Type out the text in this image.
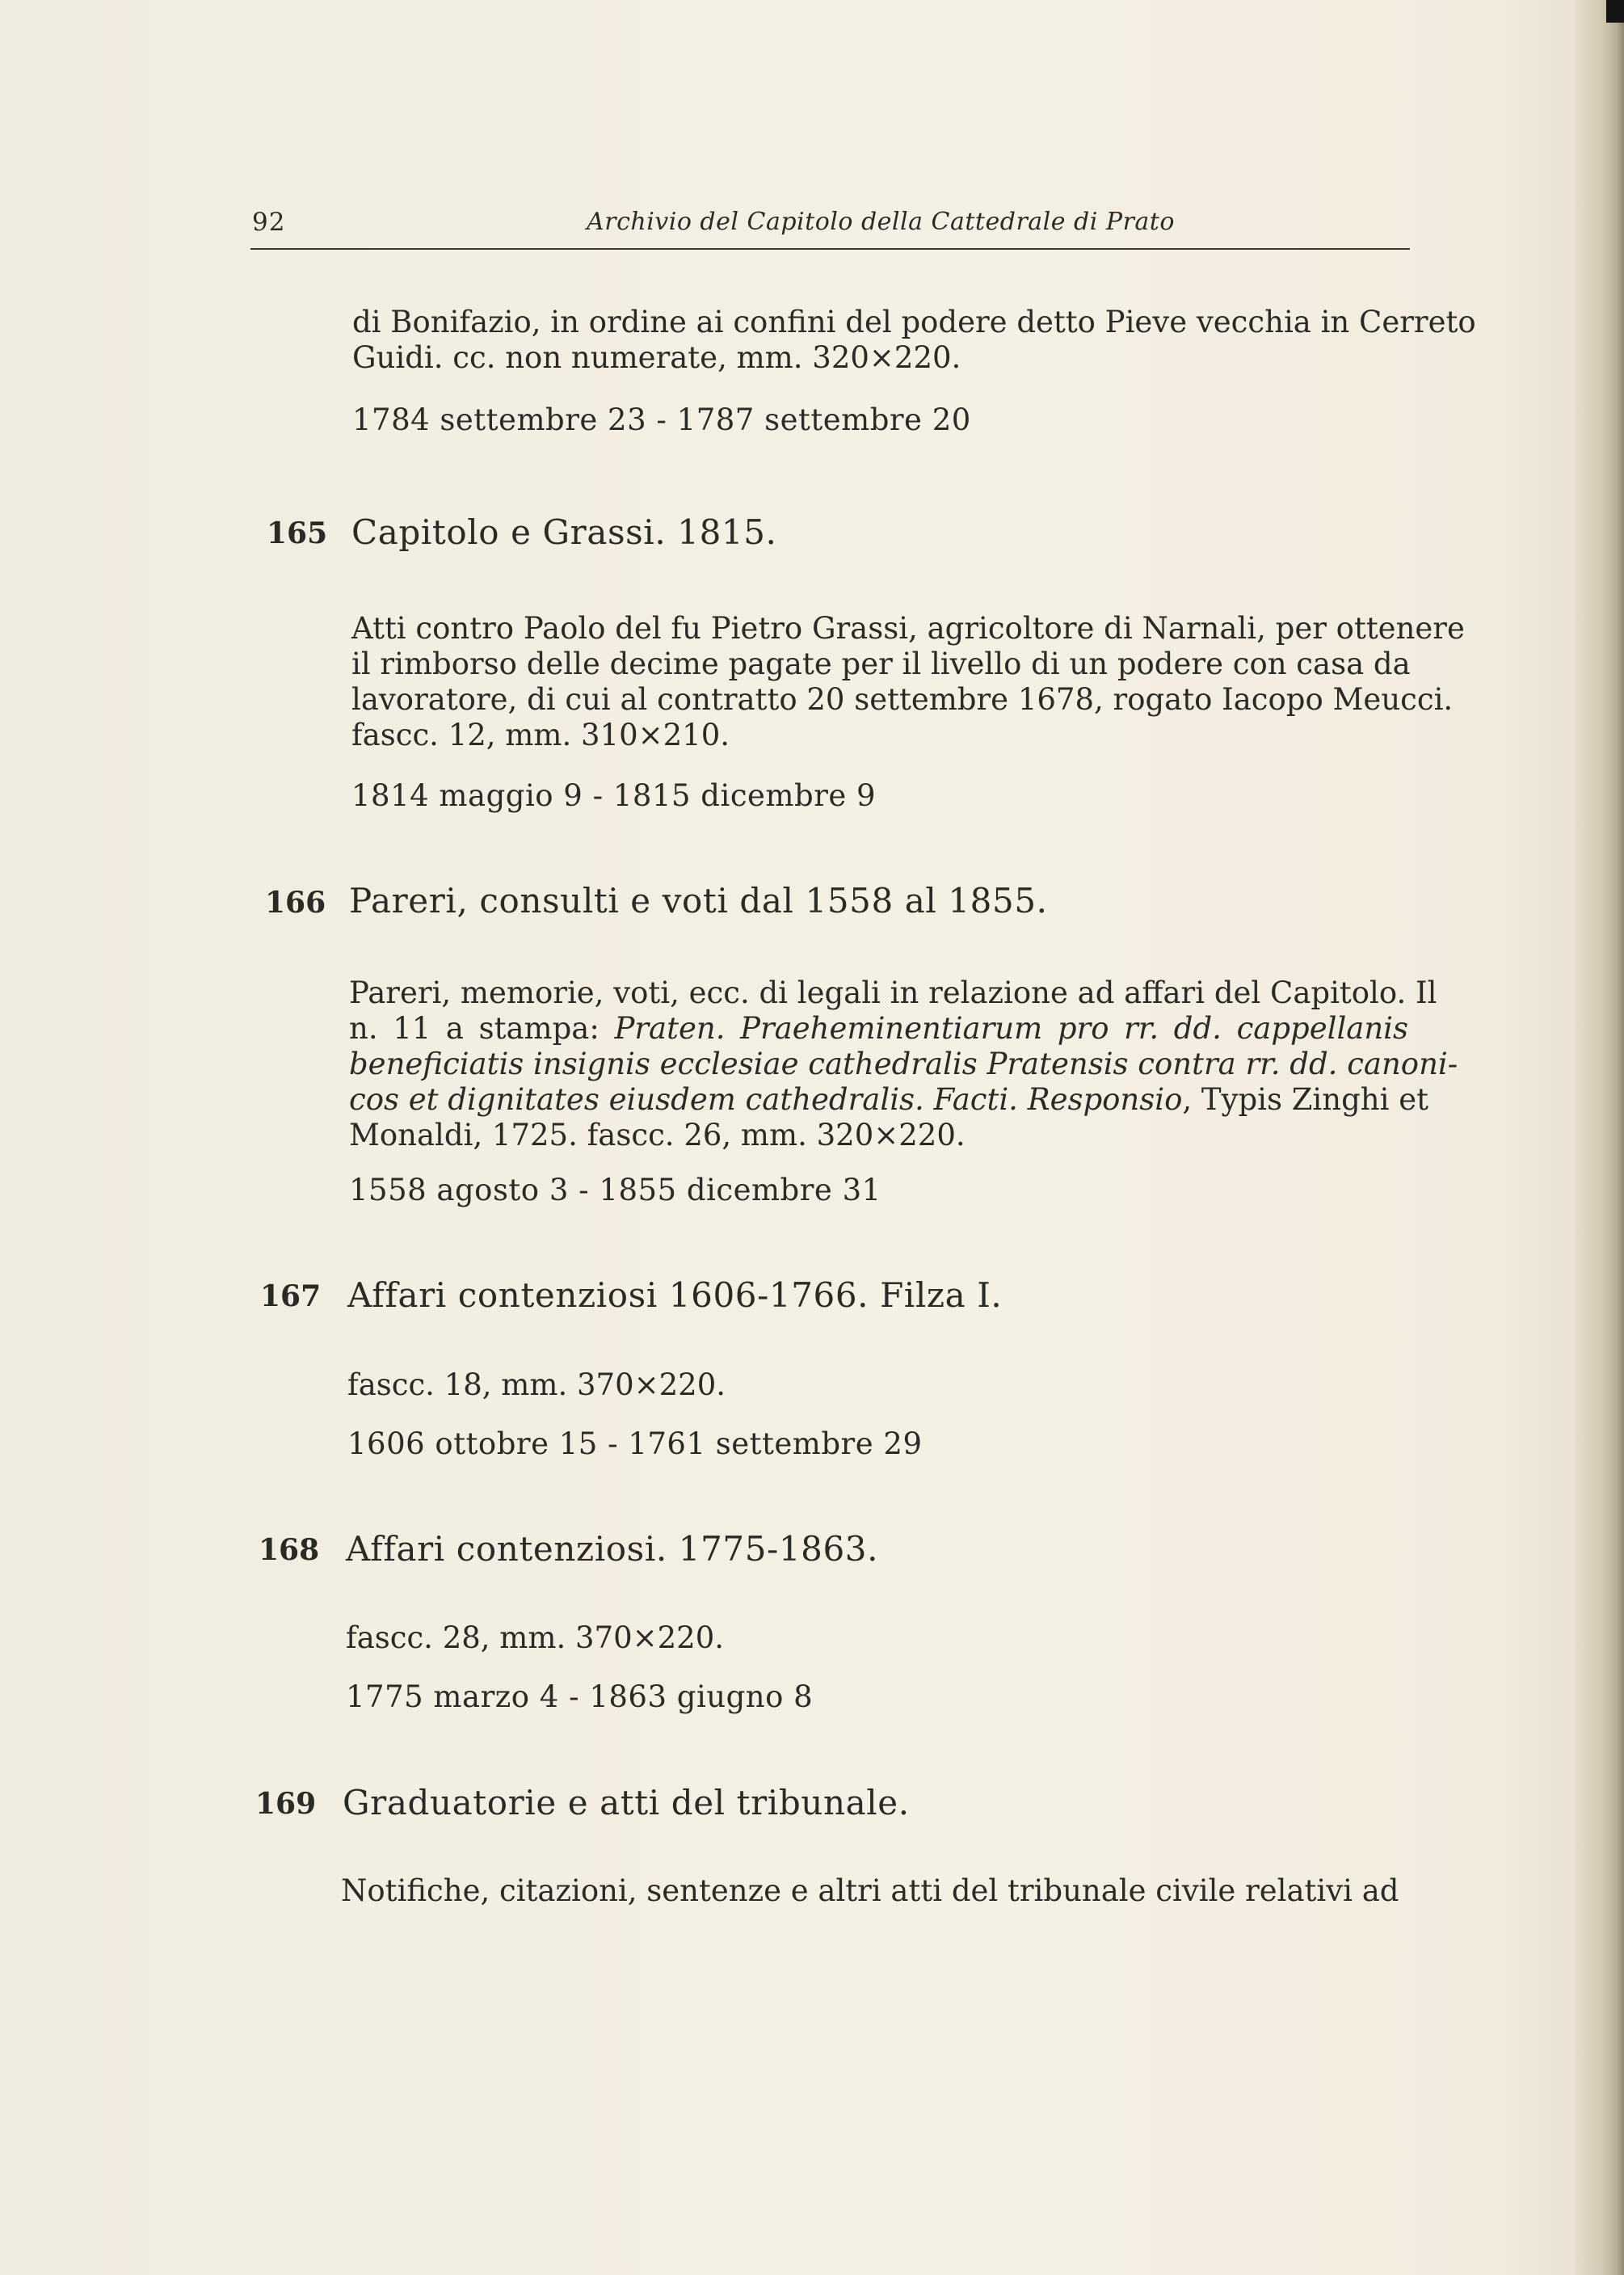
92	Archivio del Capitolo della Cattedrale di Prato
di Bonifazio, in ordine ai confini del podere detto Pieve vecchia in Cerreto
Guidi. cc. non numerate, mm. 320×220.
1784 settembre 23 - 1787 settembre 20
165 Capitolo e Grassi. 1815.
Atti contro Paolo del fu Pietro Grassi, agricoltore di Narnali, per ottenere
il rimborso delle decime pagate per il livello di un podere con casa da
lavoratore, di cui al contratto 20 settembre 1678, rogato Iacopo Meucci.
fascc. 12, mm. 310×210.
1814 maggio 9 - 1815 dicembre 9
166 Pareri, consulti e voti dal 1558 al 1855.
Pareri, memorie, voti, ecc. di legali in relazione ad affari del Capitolo. Il
n. 11 a stampa: Praten. Praeheminentiarum pro rr. dd. cappellanis
beneficiatis insignis ecclesiae cathedralis Pratensis contra rr. dd. canoni-
cos et dignitates eiusdem cathedralis. Facti. Responsio, Typis Zinghi et
Monaldi, 1725. fascc. 26, mm. 320×220.
1558 agosto 3 - 1855 dicembre 31
167 Affari contenziosi 1606-1766. Filza I.
fascc. 18, mm. 370×220.
1606 ottobre 15 - 1761 settembre 29
168 Affari contenziosi. 1775-1863.
fascc. 28, mm. 370×220.
1775 marzo 4 - 1863 giugno 8
169 Graduatorie e atti del tribunale.
Notifiche, citazioni, sentenze e altri atti del tribunale civile relativi ad
